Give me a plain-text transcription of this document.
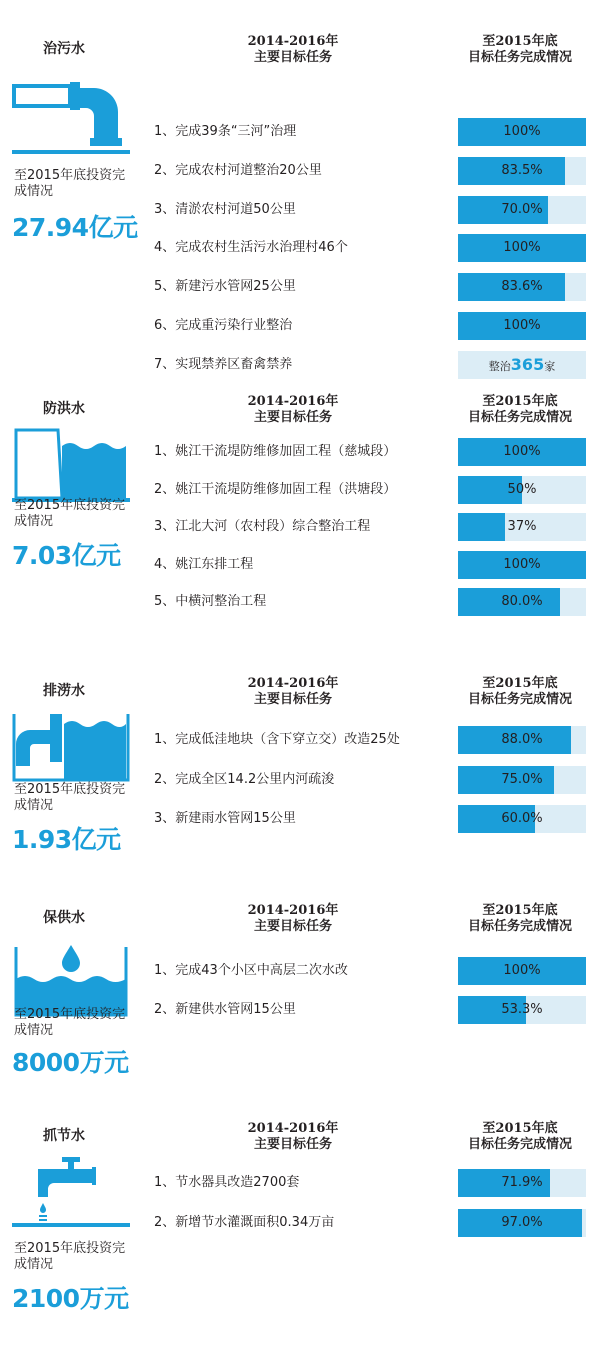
治污水	2014-2016年
主要目标任务
至2015年底
目标任务完成情况
至2015年底投资完
成情况
27.94亿元
1、完成39条“三河”治理	100%
2、完成农村河道整治20公里	83.5%
3、清淤农村河道50公里	70.0%
4、完成农村生活污水治理村46个	100%
5、新建污水管网25公里	83.6%
6、完成重污染行业整治	100%
7、实现禁养区畜禽禁养	整治365家
防洪水	2014-2016年
主要目标任务
至2015年底
目标任务完成情况
至2015年底投资完
成情况
7.03亿元
1、姚江干流堤防维修加固工程（慈城段）	100%
2、姚江干流堤防维修加固工程（洪塘段）	50%
3、江北大河（农村段）综合整治工程	37%
4、姚江东排工程	100%
5、中横河整治工程	80.0%
排涝水	2014-2016年
主要目标任务
至2015年底
目标任务完成情况
至2015年底投资完
成情况
1.93亿元
1、完成低洼地块（含下穿立交）改造25处	88.0%
2、完成全区14.2公里内河疏浚	75.0%
3、新建雨水管网15公里	60.0%
保供水	2014-2016年
主要目标任务
至2015年底
目标任务完成情况
至2015年底投资完
成情况
8000万元
1、完成43个小区中高层二次水改	100%
2、新建供水管网15公里	53.3%
抓节水	2014-2016年
主要目标任务
至2015年底
目标任务完成情况
至2015年底投资完
成情况
2100万元
1、节水器具改造2700套	71.9%
2、新增节水灌溉面积0.34万亩	97.0%
